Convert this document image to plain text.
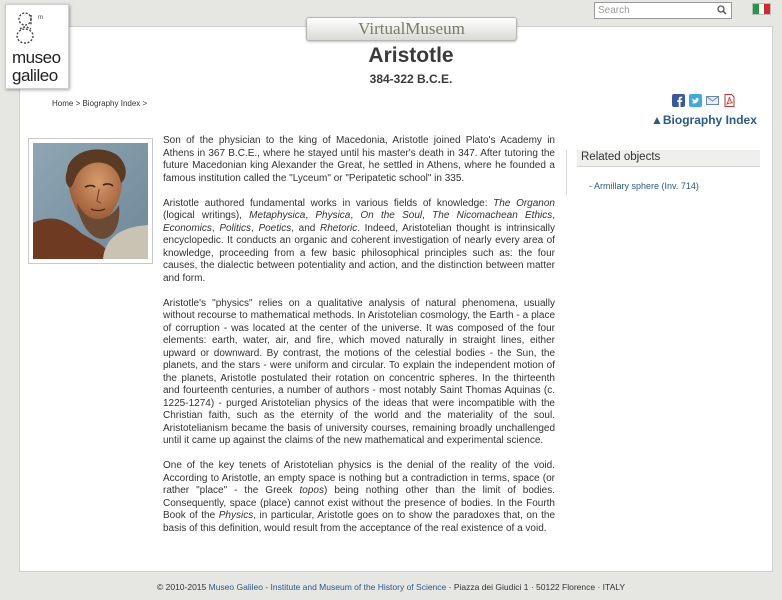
m
museo
galileo
VirtualMuseum
Search
Aristotle
384-322 B.C.E.
Home > Biography Index >
▲Biography Index

Son of the physician to the king of Macedonia, Aristotle joined Plato's Academy in Athens in 367 B.C.E., where he stayed until his master's death in 347. After tutoring the future Macedonian king Alexander the Great, he settled in Athens, where he founded a famous institution called the "Lyceum" or "Peripatetic school" in 335.

Aristotle authored fundamental works in various fields of knowledge: The Organon (logical writings), Metaphysica, Physica, On the Soul, The Nicomachean Ethics, Economics, Politics, Poetics, and Rhetoric. Indeed, Aristotelian thought is intrinsically encyclopedic. It conducts an organic and coherent investigation of nearly every area of knowledge, proceeding from a few basic philosophical principles such as: the four causes, the dialectic between potentiality and action, and the distinction between matter and form.

Aristotle's "physics" relies on a qualitative analysis of natural phenomena, usually without recourse to mathematical methods. In Aristotelian cosmology, the Earth - a place of corruption - was located at the center of the universe. It was composed of the four elements: earth, water, air, and fire, which moved naturally in straight lines, either upward or downward. By contrast, the motions of the celestial bodies - the Sun, the planets, and the stars - were uniform and circular. To explain the independent motion of the planets, Aristotle postulated their rotation on concentric spheres. In the thirteenth and fourteenth centuries, a number of authors - most notably Saint Thomas Aquinas (c. 1225-1274) - purged Aristotelian physics of the ideas that were incompatible with the Christian faith, such as the eternity of the world and the materiality of the soul. Aristotelianism became the basis of university courses, remaining broadly unchallenged until it came up against the claims of the new mathematical and experimental science.

One of the key tenets of Aristotelian physics is the denial of the reality of the void. According to Aristotle, an empty space is nothing but a contradiction in terms, space (or rather "place" - the Greek topos) being nothing other than the limit of bodies. Consequently, space (place) cannot exist without the presence of bodies. In the Fourth Book of the Physics, in particular, Aristotle goes on to show the paradoxes that, on the basis of this definition, would result from the acceptance of the real existence of a void.

Related objects
- Armillary sphere (Inv. 714)
© 2010-2015 Museo Galileo - Institute and Museum of the History of Science · Piazza dei Giudici 1 · 50122 Florence · ITALY
